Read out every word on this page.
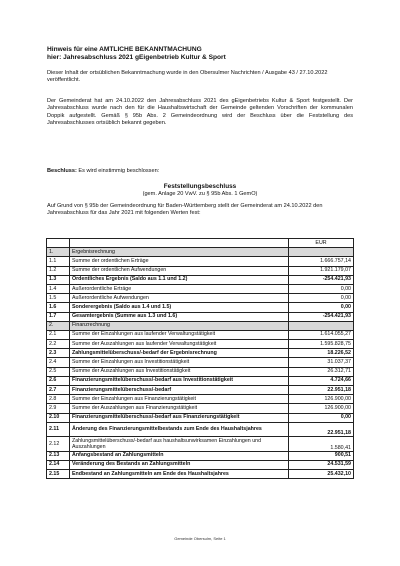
Hinweis für eine AMTLICHE BEKANNTMACHUNG
hier: Jahresabschluss 2021 gEigenbetrieb Kultur & Sport
Dieser Inhalt der ortsüblichen Bekanntmachung wurde in den Obersulmer Nachrichten / Ausgabe 43 / 27.10.2022 veröffentlicht.
Der Gemeinderat hat am 24.10.2022 den Jahresabschluss 2021 des gEigenbetriebs Kultur & Sport festgestellt. Der Jahresabschluss wurde nach den für die Haushaltswirtschaft der Gemeinde geltenden Vorschriften der kommunalen Doppik aufgestellt. Gemäß § 95b Abs. 2 Gemeindeordnung wird der Beschluss über die Feststellung des Jahresabschlusses ortsüblich bekannt gegeben.
Beschluss: Es wird einstimmig beschlossen:
Feststellungsbeschluss
(gem. Anlage 20 VwV. zu § 95b Abs. 1 GemO)
Auf Grund von § 95b der Gemeindeordnung für Baden-Württemberg stellt der Gemeinderat am 24.10.2022 den Jahresabschluss für das Jahr 2021 mit folgenden Werten fest:
		EUR
1.	Ergebnisrechnung	
1.1	Summe der ordentlichen Erträge	1.666.757,14
1.2	Summe der ordentlichen Aufwendungen	1.921.179,07
1.3	Ordentliches Ergebnis (Saldo aus 1.1 und 1.2)	-254.421,93
1.4	Außerordentliche Erträge	0,00
1.5	Außerordentliche Aufwendungen	0,00
1.6	Sonderergebnis (Saldo aus 1.4 und 1.5)	0,00
1.7	Gesamtergebnis (Summe aus 1.3 und 1.6)	-254.421,93
2.	Finanzrechnung	
2.1	Summe der Einzahlungen aus laufender Verwaltungstätigkeit	1.614.055,27
2.2	Summe der Auszahlungen aus laufender Verwaltungstätigkeit	1.595.828,75
2.3	Zahlungsmittelüberschuss/-bedarf der Ergebnisrechnung	18.226,52
2.4	Summe der Einzahlungen aus Investitionstätigkeit	31.037,37
2.5	Summe der Auszahlungen aus Investitionstätigkeit	26.312,71
2.6	Finanzierungsmittelüberschuss/-bedarf aus Investitionstätigkeit	4.724,66
2.7	Finanzierungsmittelüberschuss/-bedarf	22.951,18
2.8	Summe der Einzahlungen aus Finanzierungstätigkeit	126.900,00
2.9	Summe der Auszahlungen aus Finanzierungstätigkeit	126.900,00
2.10	Finanzierungsmittelüberschuss/-bedarf aus Finanzierungstätigkeit	0,00
2.11	Änderung des Finanzierungsmittelbestands zum Ende des Haushaltsjahres	22.951,18
2.12	Zahlungsmittelüberschuss/-bedarf aus haushaltsunwirksamen Einzahlungen und Auszahlungen	1.580,41
2.13	Anfangsbestand an Zahlungsmitteln	900,51
2.14	Veränderung des Bestands an Zahlungsmitteln	24.531,59
2.15	Endbestand an Zahlungsmitteln am Ende des Haushaltsjahres	25.432,10
Gemeinde Obersulm, Seite 1
